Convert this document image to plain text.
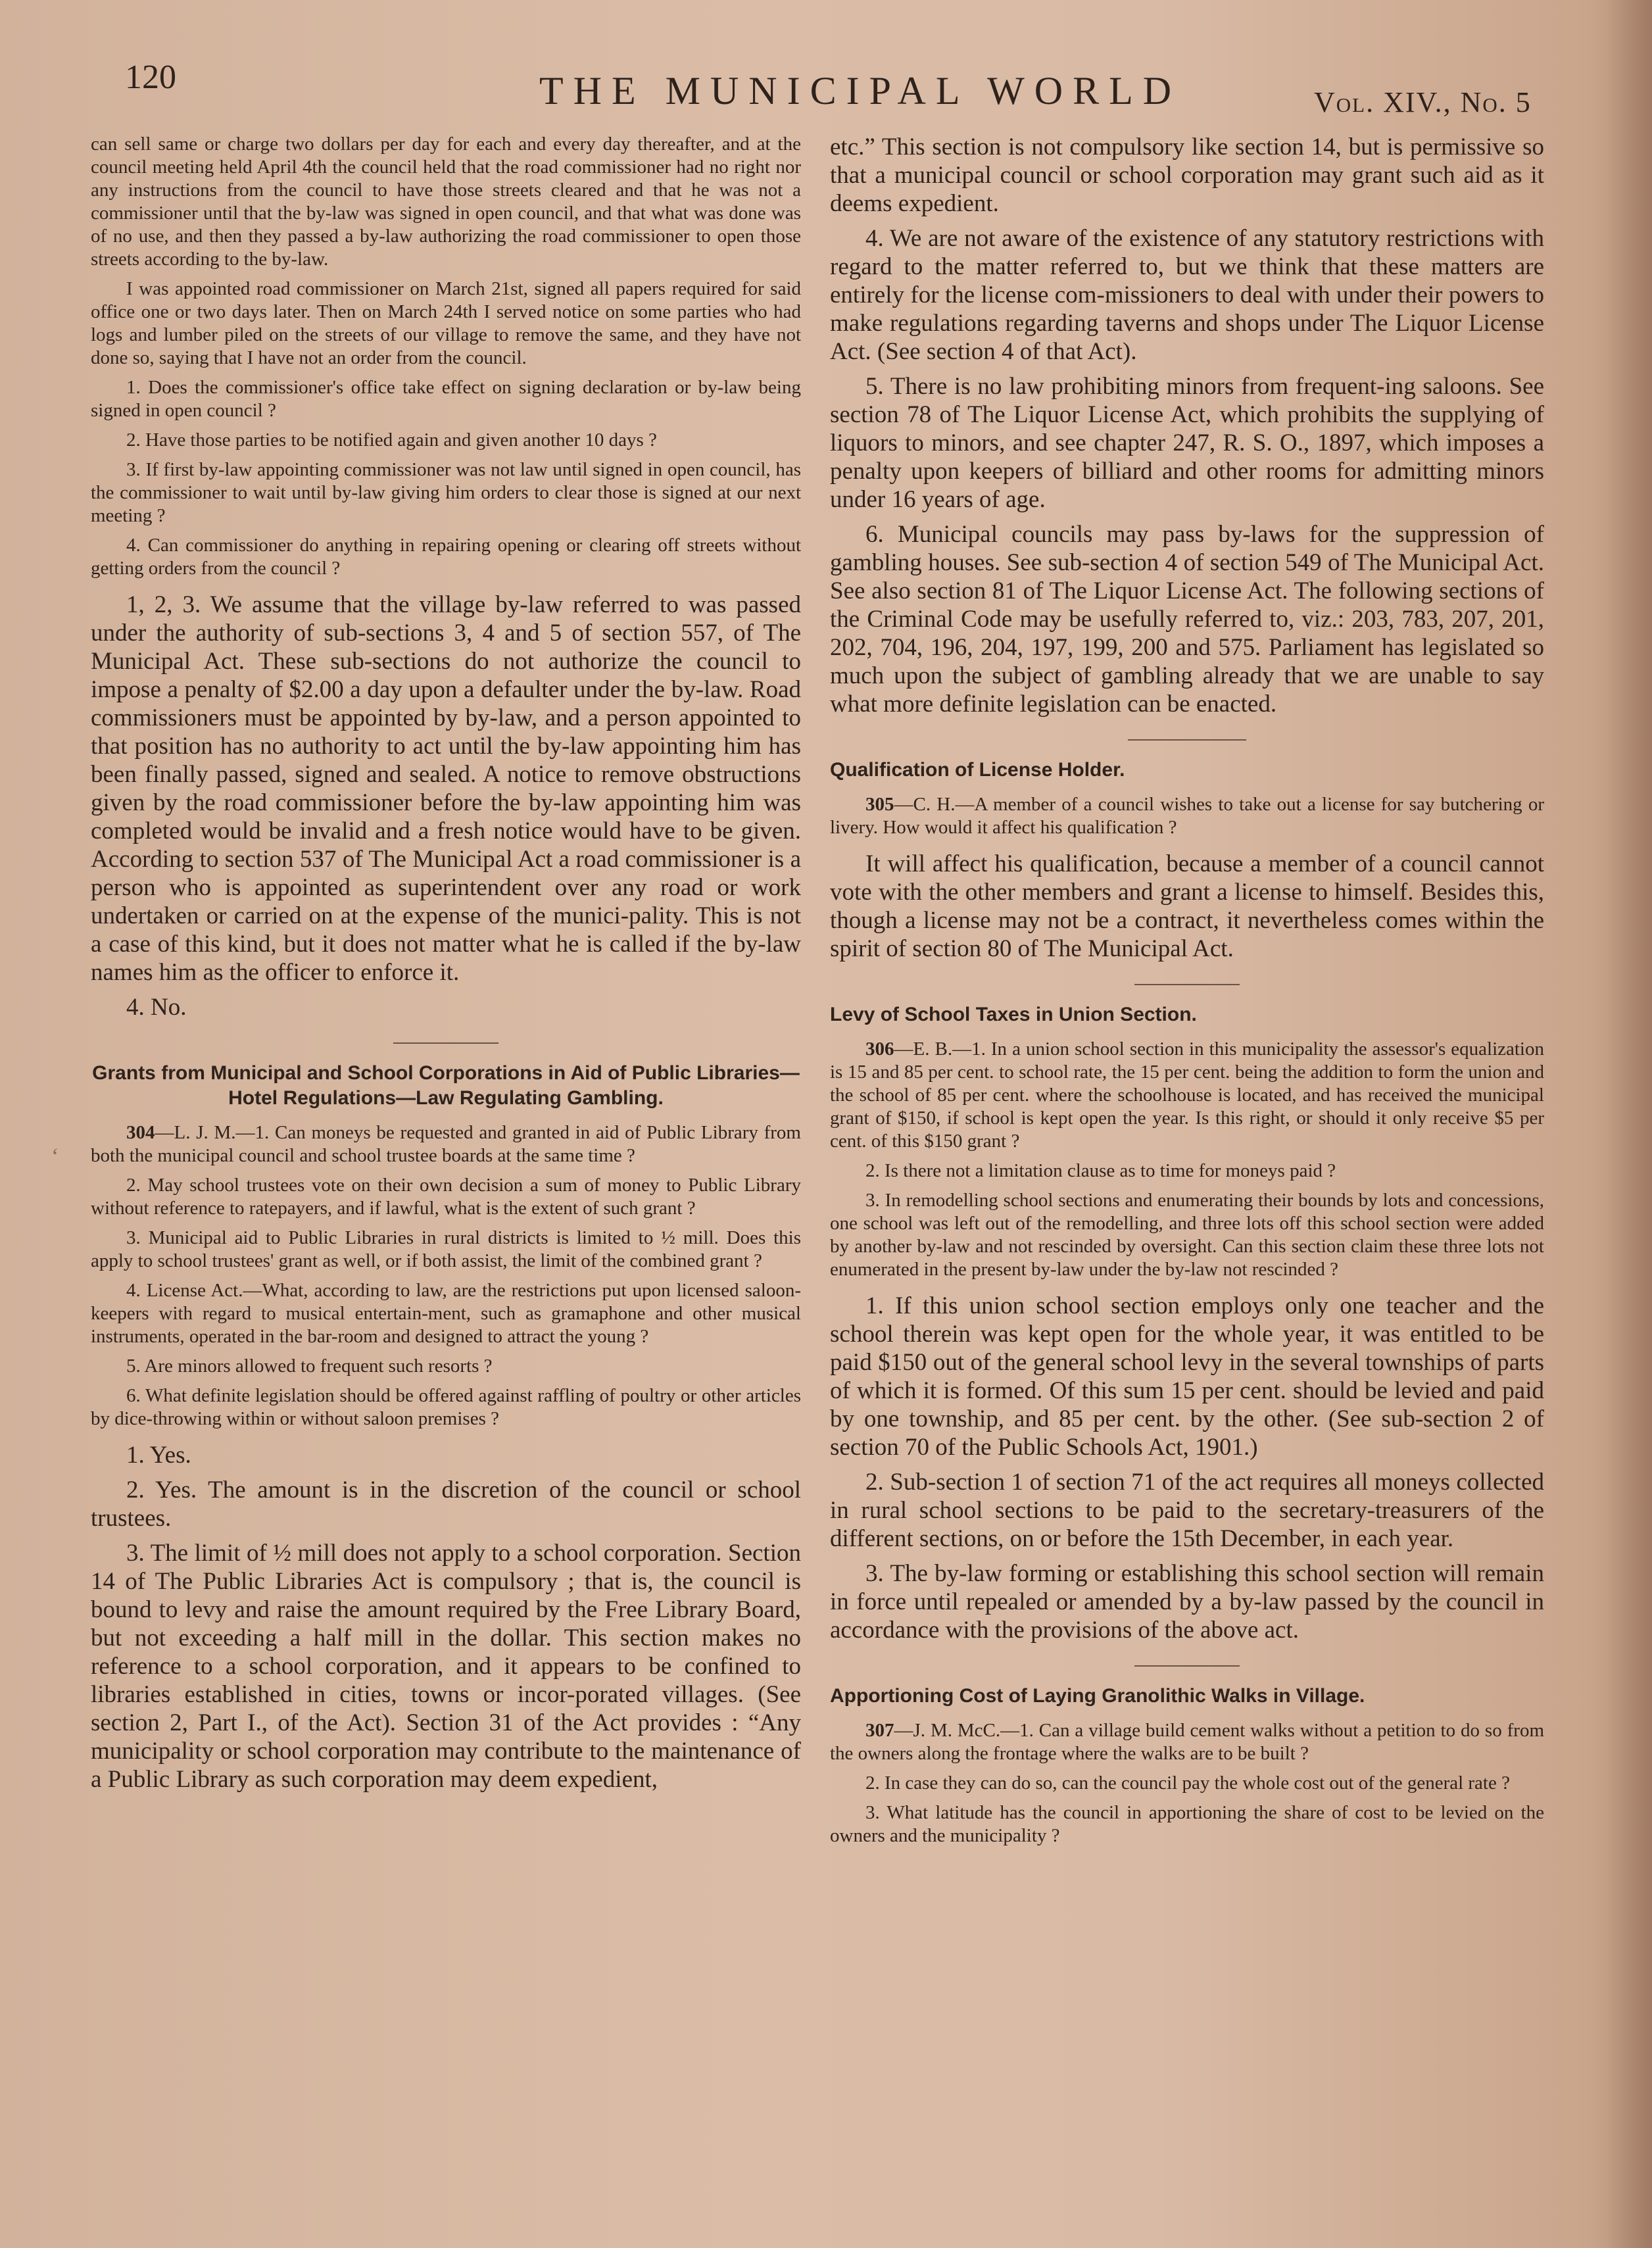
120	THE MUNICIPAL WORLD	Vol. XIV., No. 5
‘

can sell same or charge two dollars per day for each and every day thereafter, and at the council meeting held April 4th the council held that the road commissioner had no right nor any instructions from the council to have those streets cleared and that he was not a commissioner until that the by-law was signed in open council, and that what was done was of no use, and then they passed a by-law authorizing the road commissioner to open those streets according to the by-law.

I was appointed road commissioner on March 21st, signed all papers required for said office one or two days later. Then on March 24th I served notice on some parties who had logs and lumber piled on the streets of our village to remove the same, and they have not done so, saying that I have not an order from the council.

1. Does the commissioner's office take effect on signing declaration or by-law being signed in open council ?

2. Have those parties to be notified again and given another 10 days ?

3. If first by-law appointing commissioner was not law until signed in open council, has the commissioner to wait until by-law giving him orders to clear those is signed at our next meeting ?

4. Can commissioner do anything in repairing opening or clearing off streets without getting orders from the council ?

1, 2, 3. We assume that the village by-law referred to was passed under the authority of sub-sections 3, 4 and 5 of section 557, of The Municipal Act. These sub-sections do not authorize the council to impose a penalty of $2.00 a day upon a defaulter under the by-law. Road commissioners must be appointed by by-law, and a person appointed to that position has no authority to act until the by-law appointing him has been finally passed, signed and sealed. A notice to remove obstructions given by the road commissioner before the by-law appointing him was completed would be invalid and a fresh notice would have to be given. According to section 537 of The Municipal Act a road commissioner is a person who is appointed as superintendent over any road or work undertaken or carried on at the expense of the munici-pality. This is not a case of this kind, but it does not matter what he is called if the by-law names him as the officer to enforce it.

4. No.

Grants from Municipal and School Corporations in Aid of Public Libraries—Hotel Regulations—Law Regulating Gambling.

304—L. J. M.—1. Can moneys be requested and granted in aid of Public Library from both the municipal council and school trustee boards at the same time ?

2. May school trustees vote on their own decision a sum of money to Public Library without reference to ratepayers, and if lawful, what is the extent of such grant ?

3. Municipal aid to Public Libraries in rural districts is limited to ½ mill. Does this apply to school trustees' grant as well, or if both assist, the limit of the combined grant ?

4. License Act.—What, according to law, are the restrictions put upon licensed saloon-keepers with regard to musical entertain-ment, such as gramaphone and other musical instruments, operated in the bar-room and designed to attract the young ?

5. Are minors allowed to frequent such resorts ?

6. What definite legislation should be offered against raffling of poultry or other articles by dice-throwing within or without saloon premises ?

1. Yes.

2. Yes. The amount is in the discretion of the council or school trustees.

3. The limit of ½ mill does not apply to a school corporation. Section 14 of The Public Libraries Act is compulsory ; that is, the council is bound to levy and raise the amount required by the Free Library Board, but not exceeding a half mill in the dollar. This section makes no reference to a school corporation, and it appears to be confined to libraries established in cities, towns or incor-porated villages. (See section 2, Part I., of the Act). Section 31 of the Act provides : “Any municipality or school corporation may contribute to the maintenance of a Public Library as such corporation may deem expedient,

etc.” This section is not compulsory like section 14, but is permissive so that a municipal council or school corporation may grant such aid as it deems expedient.

4. We are not aware of the existence of any statutory restrictions with regard to the matter referred to, but we think that these matters are entirely for the license com-missioners to deal with under their powers to make regulations regarding taverns and shops under The Liquor License Act. (See section 4 of that Act).

5. There is no law prohibiting minors from frequent-ing saloons. See section 78 of The Liquor License Act, which prohibits the supplying of liquors to minors, and see chapter 247, R. S. O., 1897, which imposes a penalty upon keepers of billiard and other rooms for admitting minors under 16 years of age.

6. Municipal councils may pass by-laws for the suppression of gambling houses. See sub-section 4 of section 549 of The Municipal Act. See also section 81 of The Liquor License Act. The following sections of the Criminal Code may be usefully referred to, viz.: 203, 783, 207, 201, 202, 704, 196, 204, 197, 199, 200 and 575. Parliament has legislated so much upon the subject of gambling already that we are unable to say what more definite legislation can be enacted.

Qualification of License Holder.

305—C. H.—A member of a council wishes to take out a license for say butchering or livery. How would it affect his qualification ?

It will affect his qualification, because a member of a council cannot vote with the other members and grant a license to himself. Besides this, though a license may not be a contract, it nevertheless comes within the spirit of section 80 of The Municipal Act.

Levy of School Taxes in Union Section.

306—E. B.—1. In a union school section in this municipality the assessor's equalization is 15 and 85 per cent. to school rate, the 15 per cent. being the addition to form the union and the school of 85 per cent. where the schoolhouse is located, and has received the municipal grant of $150, if school is kept open the year. Is this right, or should it only receive $5 per cent. of this $150 grant ?

2. Is there not a limitation clause as to time for moneys paid ?

3. In remodelling school sections and enumerating their bounds by lots and concessions, one school was left out of the remodelling, and three lots off this school section were added by another by-law and not rescinded by oversight. Can this section claim these three lots not enumerated in the present by-law under the by-law not rescinded ?

1. If this union school section employs only one teacher and the school therein was kept open for the whole year, it was entitled to be paid $150 out of the general school levy in the several townships of parts of which it is formed. Of this sum 15 per cent. should be levied and paid by one township, and 85 per cent. by the other. (See sub-section 2 of section 70 of the Public Schools Act, 1901.)

2. Sub-section 1 of section 71 of the act requires all moneys collected in rural school sections to be paid to the secretary-treasurers of the different sections, on or before the 15th December, in each year.

3. The by-law forming or establishing this school section will remain in force until repealed or amended by a by-law passed by the council in accordance with the provisions of the above act.

Apportioning Cost of Laying Granolithic Walks in Village.

307—J. M. McC.—1. Can a village build cement walks without a petition to do so from the owners along the frontage where the walks are to be built ?

2. In case they can do so, can the council pay the whole cost out of the general rate ?

3. What latitude has the council in apportioning the share of cost to be levied on the owners and the municipality ?
